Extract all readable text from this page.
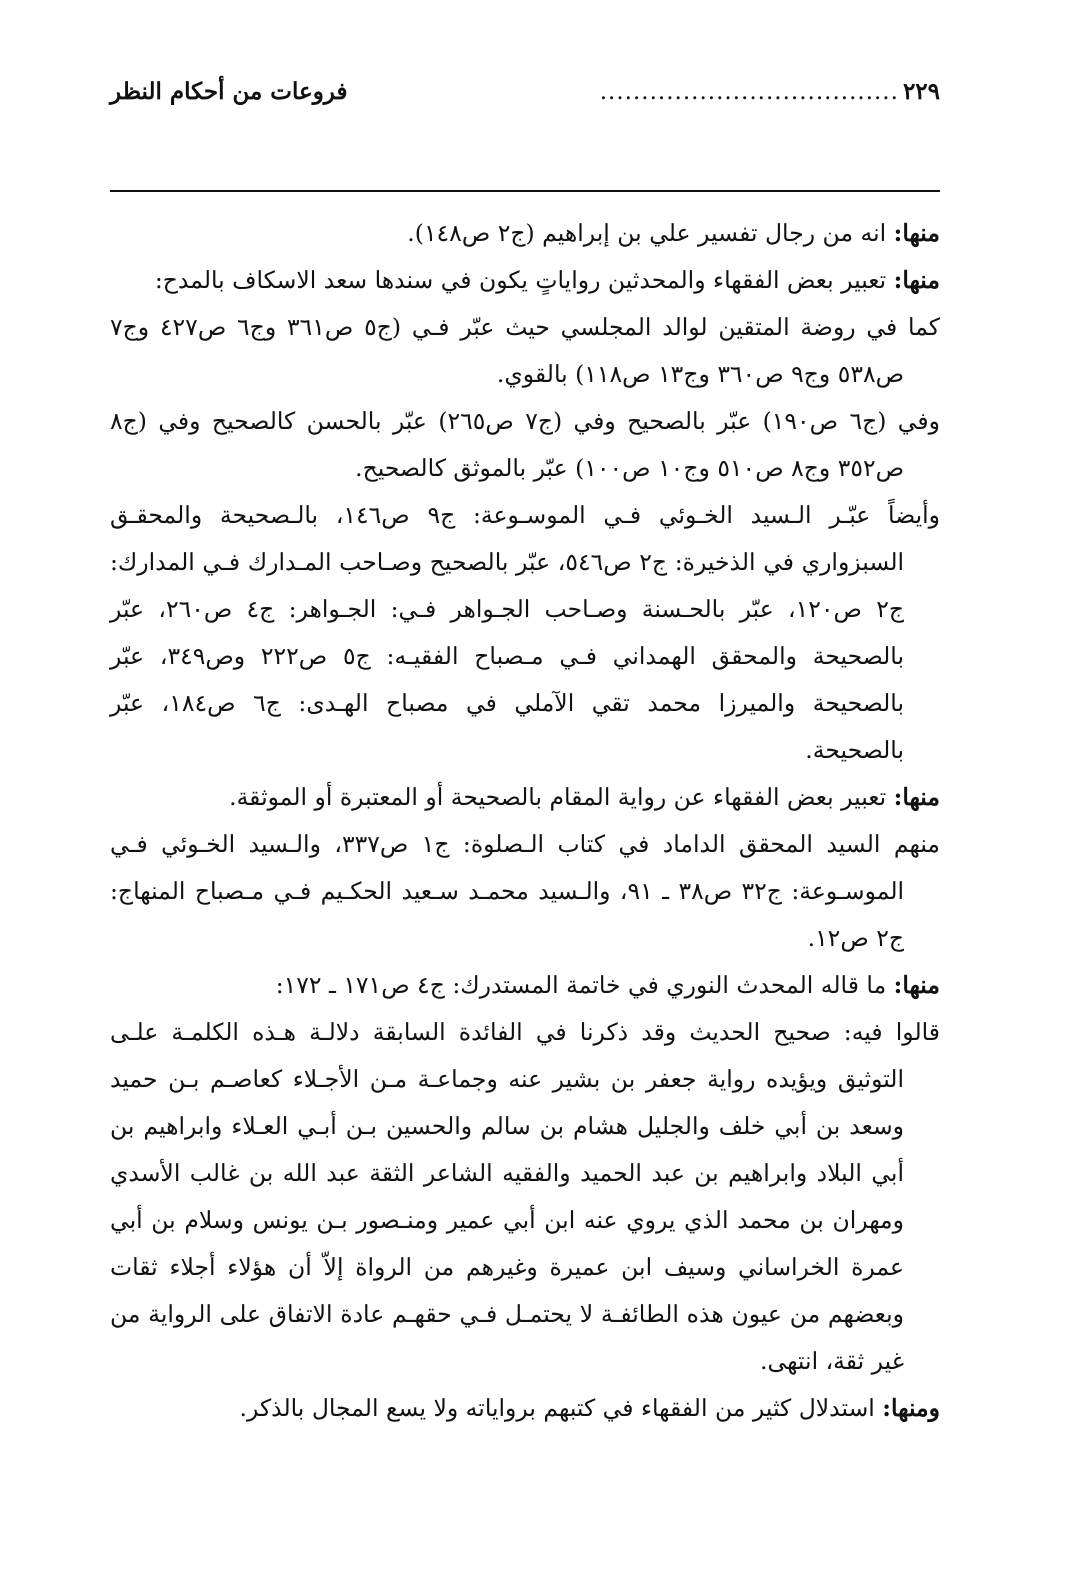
٢٢٩
....................................
فروعات من أحكام النظر

منها: انه من رجال تفسير علي بن إبراهيم (ج٢ ص١٤٨).

منها: تعبير بعض الفقهاء والمحدثين رواياتٍ يكون في سندها سعد الاسكاف بالمدح:

كما في روضة المتقين لوالد المجلسي حيث عبّر فـي (ج٥ ص٣٦١ وج٦ ص٤٢٧ وج٧ ص٥٣٨ وج٩ ص٣٦٠ وج١٣ ص١١٨) بالقوي.

وفي (ج٦ ص١٩٠) عبّر بالصحيح وفي (ج٧ ص٢٦٥) عبّر بالحسن كالصحيح وفي (ج٨ ص٣٥٢ وج٨ ص٥١٠ وج١٠ ص١٠٠) عبّر بالموثق كالصحيح.

وأيضاً عبّـر الـسيد الخـوئي فـي الموسـوعة: ج٩ ص١٤٦، بالـصحيحة والمحقـق السبزواري في الذخيرة: ج٢ ص٥٤٦، عبّر بالصحيح وصـاحب المـدارك فـي المدارك: ج٢ ص١٢٠، عبّر بالحـسنة وصـاحب الجـواهر فـي: الجـواهر: ج٤ ص٢٦٠، عبّر بالصحيحة والمحقق الهمداني فـي مـصباح الفقيـه: ج٥ ص٢٢٢ وص٣٤٩، عبّر بالصحيحة والميرزا محمد تقي الآملي في مصباح الهـدى: ج٦ ص١٨٤، عبّر بالصحيحة.

منها: تعبير بعض الفقهاء عن رواية المقام بالصحيحة أو المعتبرة أو الموثقة.

منهم السيد المحقق الداماد في كتاب الـصلوة: ج١ ص٣٣٧، والـسيد الخـوئي فـي الموسـوعة: ج٣٢ ص٣٨ ـ ٩١، والـسيد محمـد سـعيد الحكـيم فـي مـصباح المنهاج: ج٢ ص١٢.

منها: ما قاله المحدث النوري في خاتمة المستدرك: ج٤ ص١٧١ ـ ١٧٢:

قالوا فيه: صحيح الحديث وقد ذكرنا في الفائدة السابقة دلالـة هـذه الكلمـة علـى التوثيق ويؤيده رواية جعفر بن بشير عنه وجماعـة مـن الأجـلاء كعاصـم بـن حميد وسعد بن أبي خلف والجليل هشام بن سالم والحسين بـن أبـي العـلاء وابراهيم بن أبي البلاد وابراهيم بن عبد الحميد والفقيه الشاعر الثقة عبد الله بن غالب الأسدي ومهران بن محمد الذي يروي عنه ابن أبي عمير ومنـصور بـن يونس وسلام بن أبي عمرة الخراساني وسيف ابن عميرة وغيرهم من الرواة إلاّ أن هؤلاء أجلاء ثقات وبعضهم من عيون هذه الطائفـة لا يحتمـل فـي حقهـم عادة الاتفاق على الرواية من غير ثقة، انتهى.

ومنها: استدلال كثير من الفقهاء في كتبهم برواياته ولا يسع المجال بالذكر.
